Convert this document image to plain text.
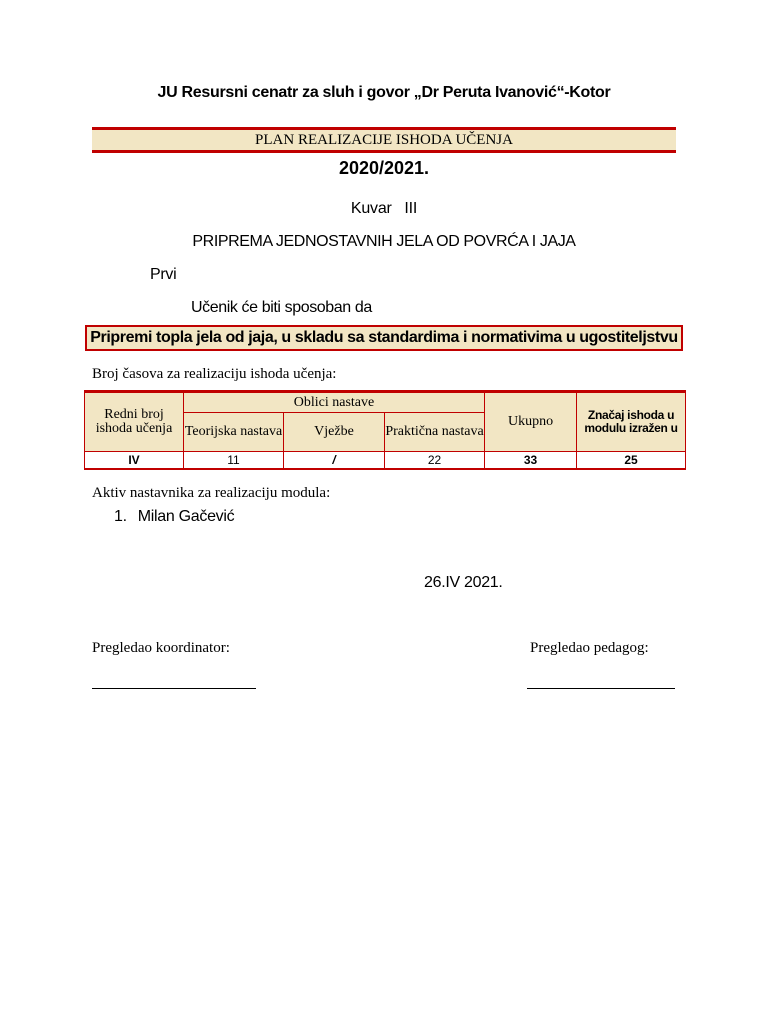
JU Resursni cenatr za sluh i govor „Dr Peruta Ivanović“-Kotor
PLAN REALIZACIJE ISHODA UČENJA
2020/2021.
Kuvar   III
PRIPREMA JEDNOSTAVNIH JELA OD POVRĆA I JAJA
Prvi
Učenik će biti sposoban da
Pripremi topla jela od jaja, u skladu sa standardima i normativima u ugostiteljstvu
Broj časova za realizaciju ishoda učenja:
Redni broj ishoda učenja	Oblici nastave			Ukupno	Značaj ishoda u modulu izražen u
	Teorijska nastava	Vježbe	Praktična nastava		
IV	11	/	22	33	25
Aktiv nastavnika za realizaciju modula:
1. Milan Gačević
26.IV 2021.
Pregledao koordinator:	Pregledao pedagog:
